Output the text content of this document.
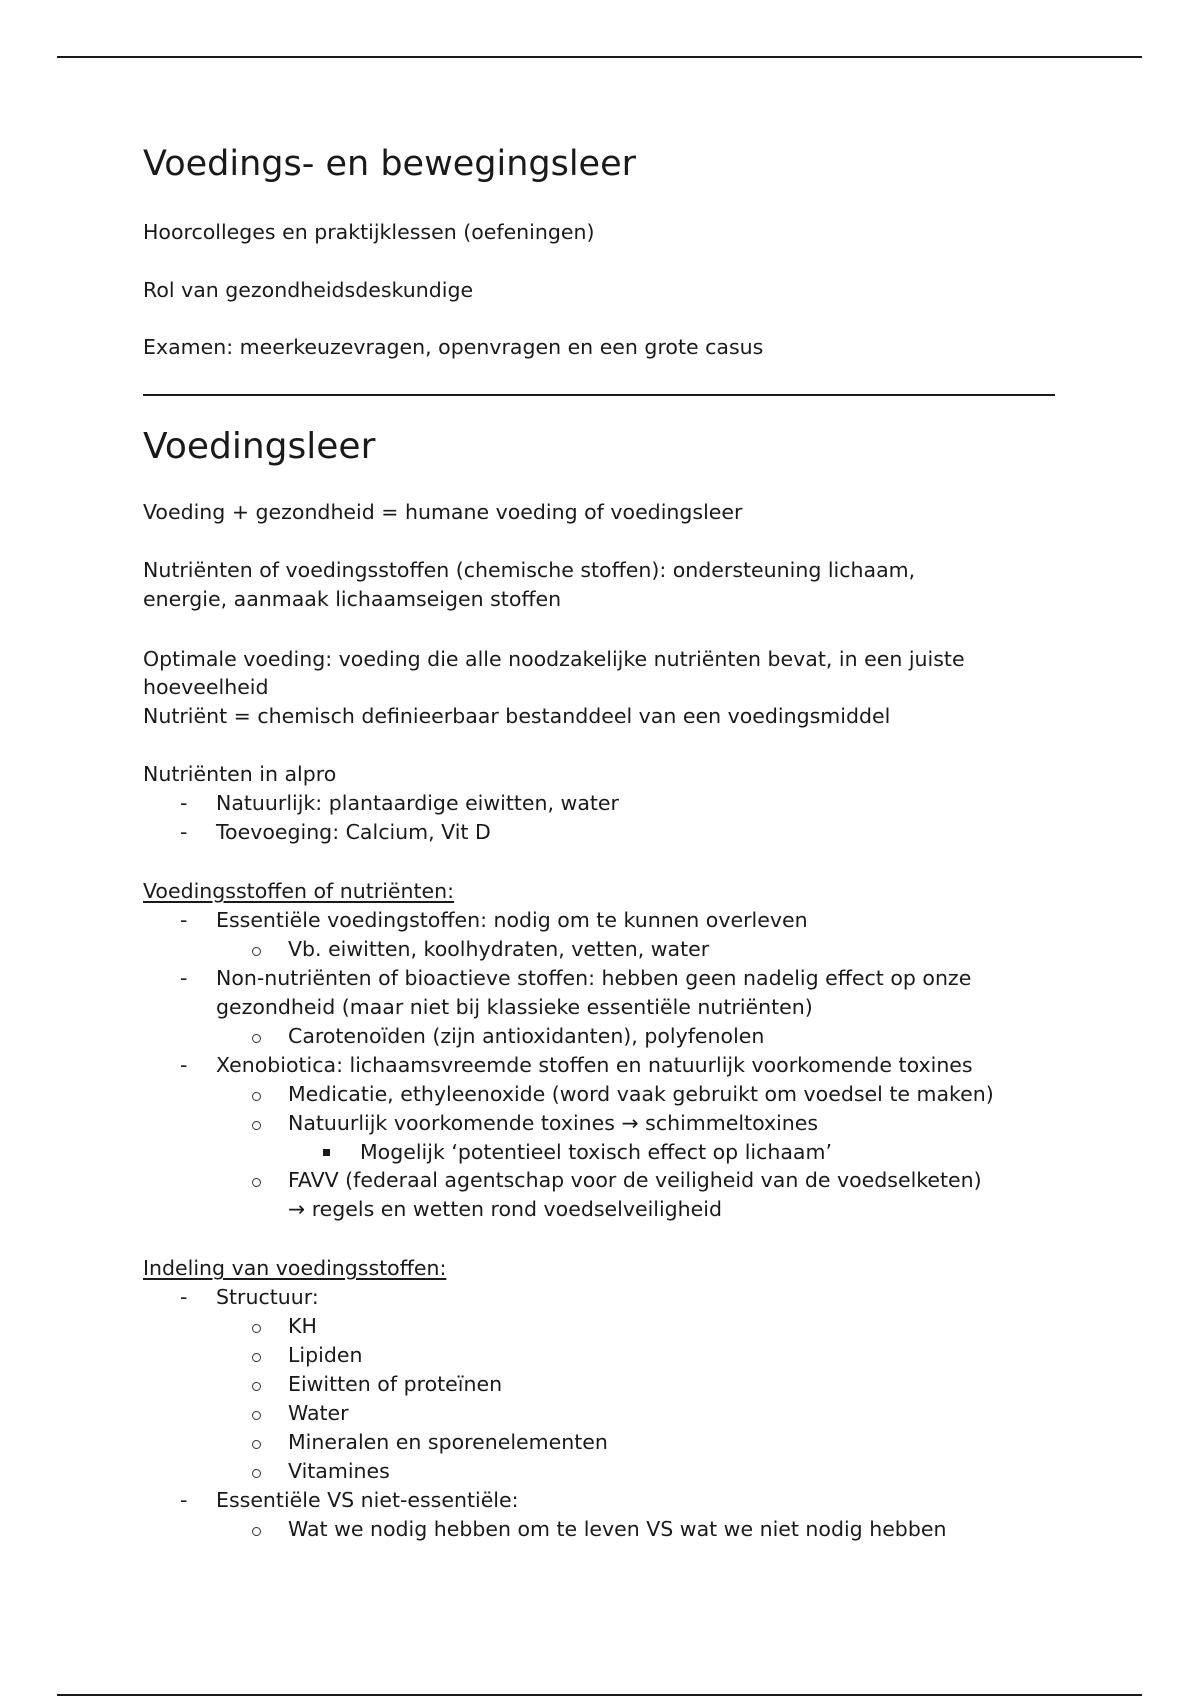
Voedings- en bewegingsleer
Hoorcolleges en praktijklessen (oefeningen)
Rol van gezondheidsdeskundige
Examen: meerkeuzevragen, openvragen en een grote casus
Voedingsleer
Voeding + gezondheid = humane voeding of voedingsleer
Nutriënten of voedingsstoffen (chemische stoffen): ondersteuning lichaam,
energie, aanmaak lichaamseigen stoffen
Optimale voeding: voeding die alle noodzakelijke nutriënten bevat, in een juiste
hoeveelheid
Nutriënt = chemisch definieerbaar bestanddeel van een voedingsmiddel
Nutriënten in alpro
- Natuurlijk: plantaardige eiwitten, water
- Toevoeging: Calcium, Vit D
Voedingsstoffen of nutriënten:
- Essentiële voedingstoffen: nodig om te kunnen overleven
Vb. eiwitten, koolhydraten, vetten, water
- Non-nutriënten of bioactieve stoffen: hebben geen nadelig effect op onze
gezondheid (maar niet bij klassieke essentiële nutriënten)
Carotenoïden (zijn antioxidanten), polyfenolen
- Xenobiotica: lichaamsvreemde stoffen en natuurlijk voorkomende toxines
Medicatie, ethyleenoxide (word vaak gebruikt om voedsel te maken)
Natuurlijk voorkomende toxines → schimmeltoxines
Mogelijk ‘potentieel toxisch effect op lichaam’
FAVV (federaal agentschap voor de veiligheid van de voedselketen)
→ regels en wetten rond voedselveiligheid
Indeling van voedingsstoffen:
- Structuur:
KH
Lipiden
Eiwitten of proteïnen
Water
Mineralen en sporenelementen
Vitamines
- Essentiële VS niet-essentiële:
Wat we nodig hebben om te leven VS wat we niet nodig hebben
